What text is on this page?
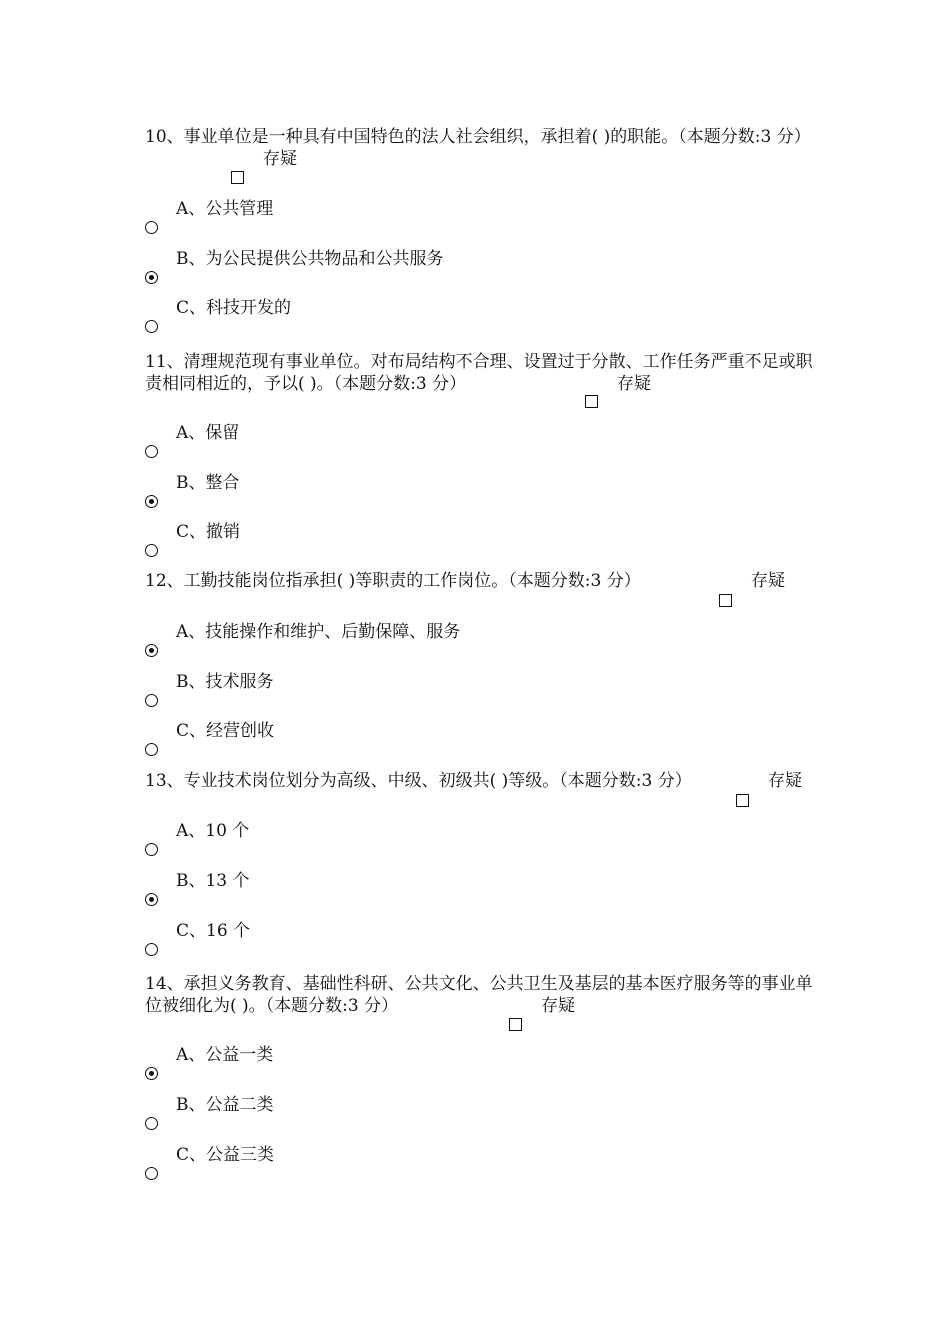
10、事业单位是一种具有中国特色的法人社会组织，承担着( )的职能。（本题分数:3 分）
存疑
A、公共管理
B、为公民提供公共物品和公共服务
C、科技开发的
11、清理规范现有事业单位。对布局结构不合理、设置过于分散、工作任务严重不足或职责相同相近的，予以( )。（本题分数:3 分）	存疑
A、保留
B、整合
C、撤销
12、工勤技能岗位指承担( )等职责的工作岗位。（本题分数:3 分）	存疑
A、技能操作和维护、后勤保障、服务
B、技术服务
C、经营创收
13、专业技术岗位划分为高级、中级、初级共( )等级。（本题分数:3 分）	存疑
A、10 个
B、13 个
C、16 个
14、承担义务教育、基础性科研、公共文化、公共卫生及基层的基本医疗服务等的事业单位被细化为( )。（本题分数:3 分）	存疑
A、公益一类
B、公益二类
C、公益三类
